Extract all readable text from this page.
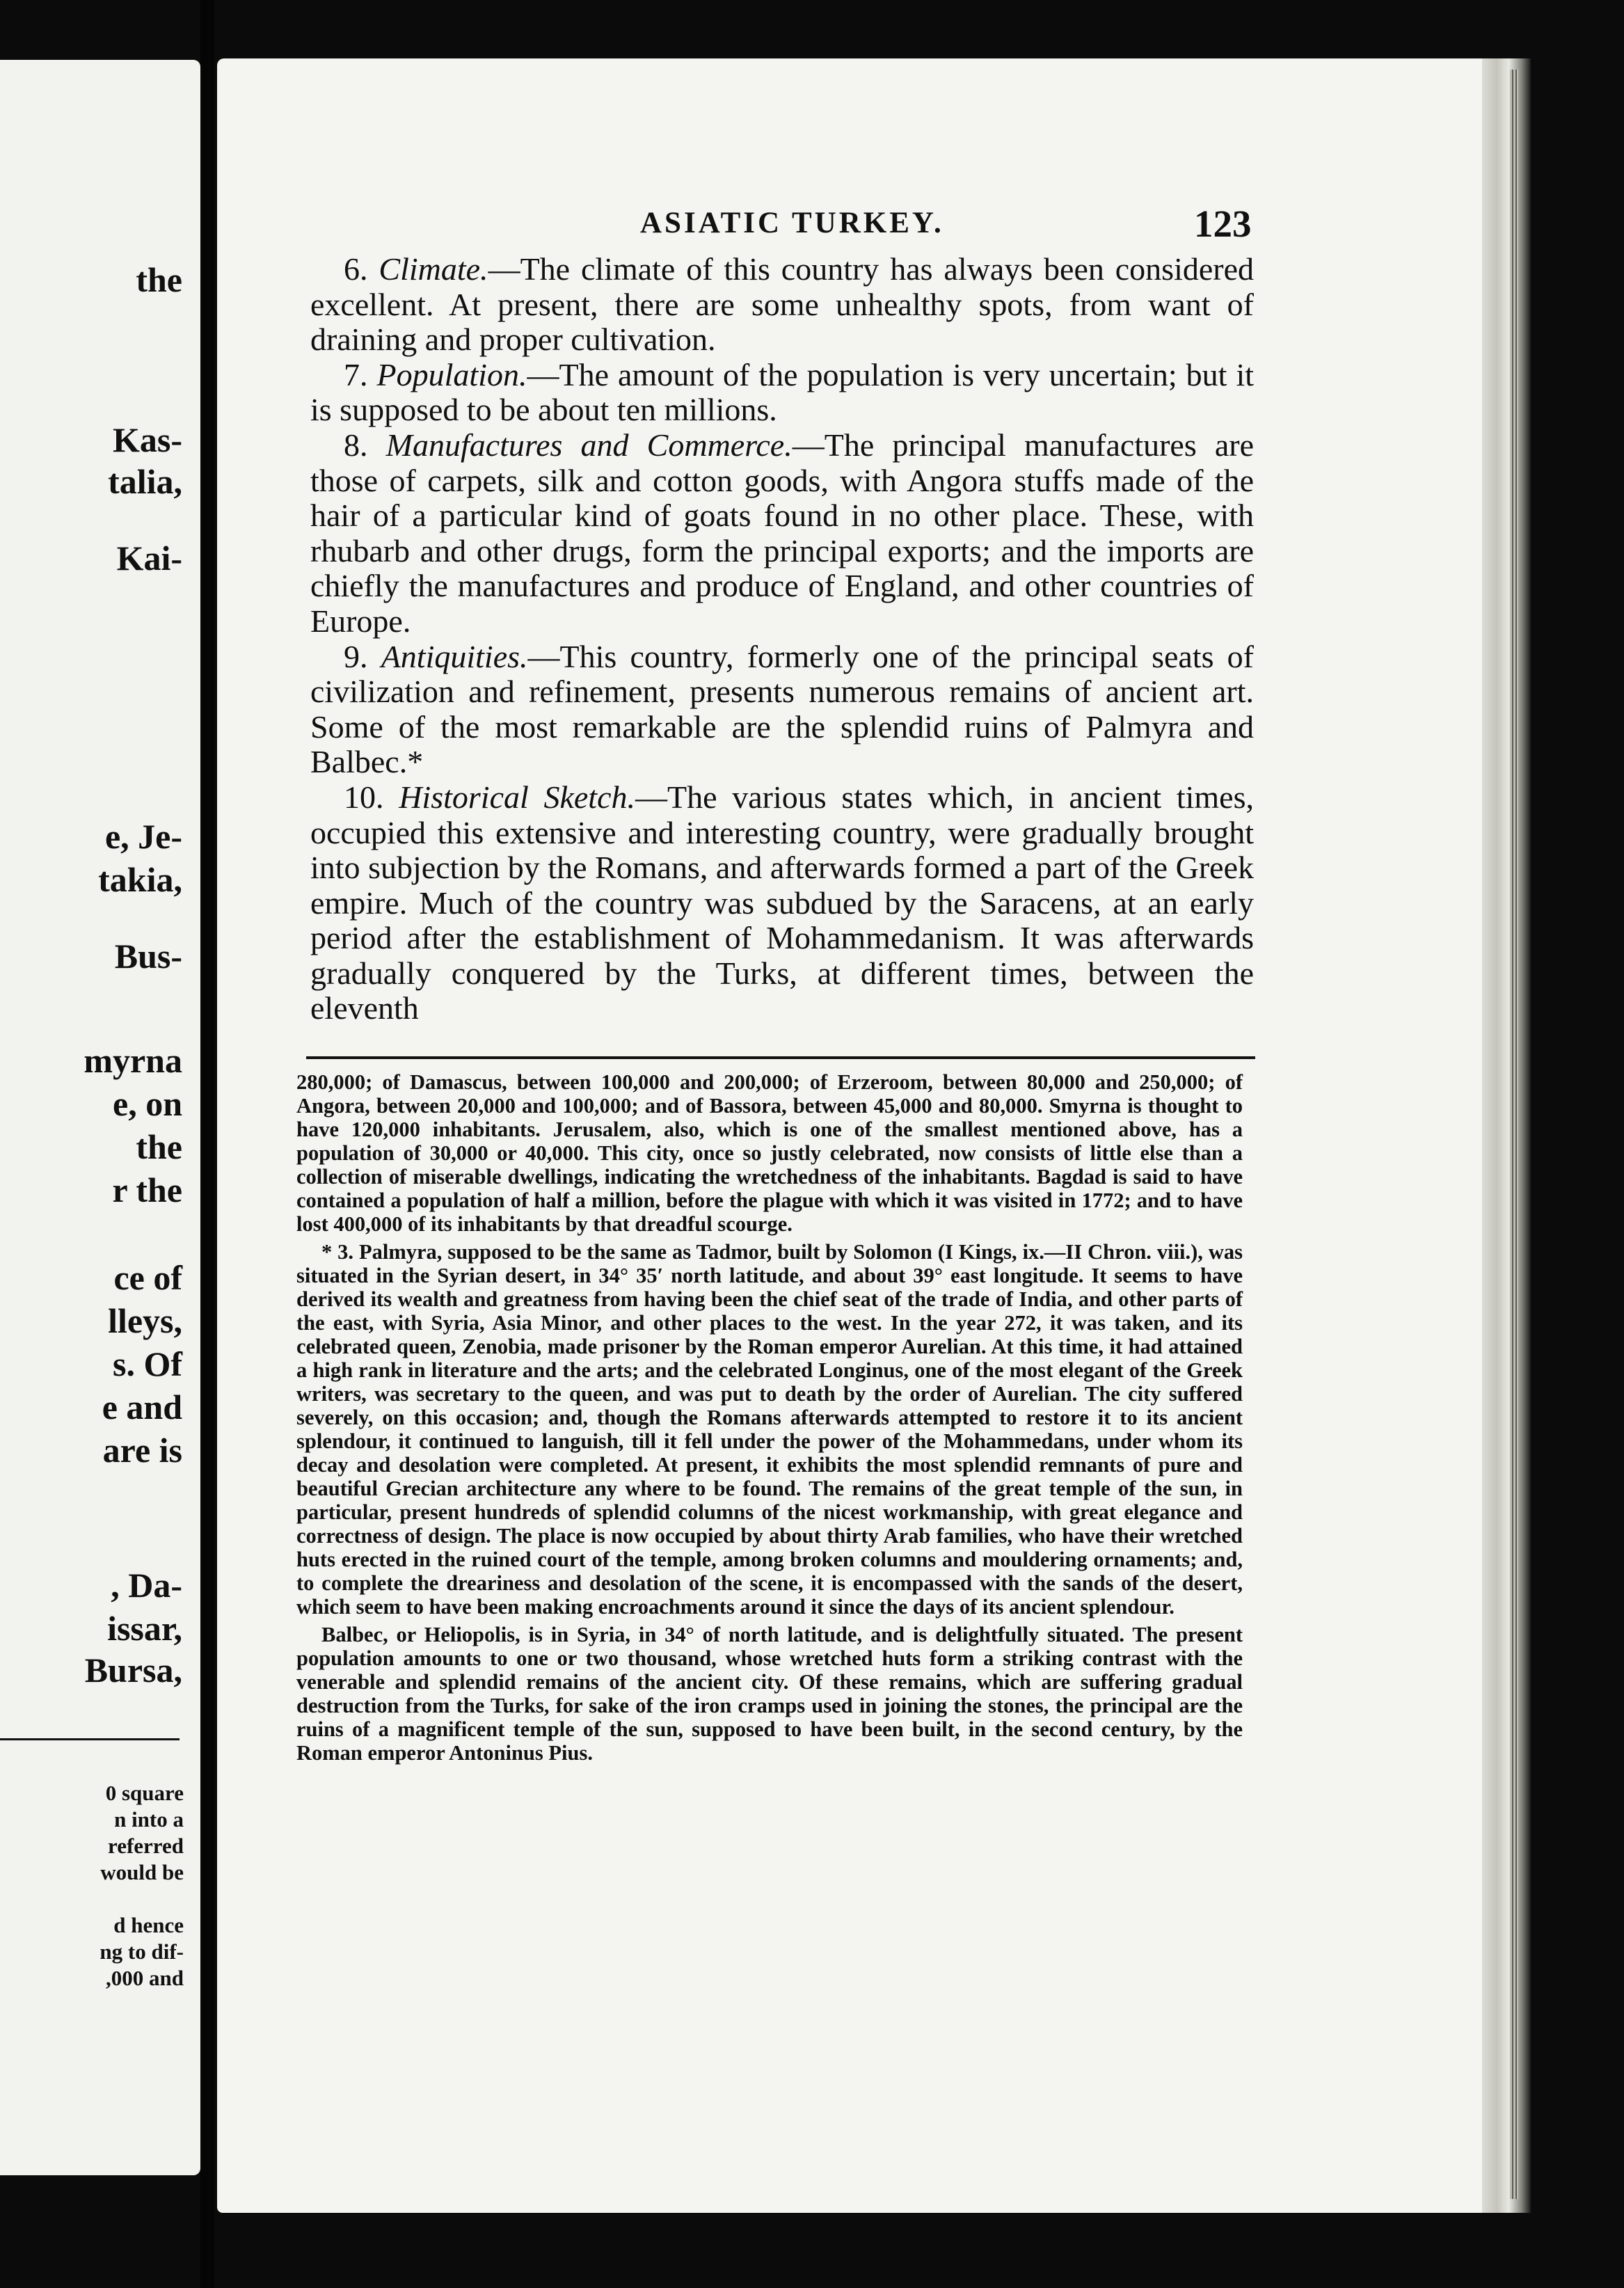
the
Kas-
talia,
Kai-
e, Je-
takia,
Bus-
myrna
e, on
the
r the
ce of
lleys,
s. Of
e and
are is
, Da-
issar,
Bursa,
0 square
n into a
referred
would be
d hence
ng to dif-
,000 and
ASIATIC TURKEY.	123

6. Climate.—The climate of this country has always been considered excellent. At present, there are some unhealthy spots, from want of draining and proper cultivation.

7. Population.—The amount of the population is very uncertain; but it is supposed to be about ten millions.

8. Manufactures and Commerce.—The principal manufactures are those of carpets, silk and cotton goods, with Angora stuffs made of the hair of a particular kind of goats found in no other place. These, with rhubarb and other drugs, form the principal exports; and the imports are chiefly the manufactures and produce of England, and other countries of Europe.

9. Antiquities.—This country, formerly one of the principal seats of civilization and refinement, presents numerous remains of ancient art. Some of the most remarkable are the splendid ruins of Palmyra and Balbec.*

10. Historical Sketch.—The various states which, in ancient times, occupied this extensive and interesting country, were gradually brought into subjection by the Romans, and afterwards formed a part of the Greek empire. Much of the country was subdued by the Saracens, at an early period after the establishment of Mohammedanism. It was afterwards gradually conquered by the Turks, at different times, between the eleventh

280,000; of Damascus, between 100,000 and 200,000; of Erzeroom, between 80,000 and 250,000; of Angora, between 20,000 and 100,000; and of Bassora, between 45,000 and 80,000. Smyrna is thought to have 120,000 inhabitants. Jerusalem, also, which is one of the smallest mentioned above, has a population of 30,000 or 40,000. This city, once so justly celebrated, now consists of little else than a collection of miserable dwellings, indicating the wretchedness of the inhabitants. Bagdad is said to have contained a population of half a million, before the plague with which it was visited in 1772; and to have lost 400,000 of its inhabitants by that dreadful scourge.

* 3. Palmyra, supposed to be the same as Tadmor, built by Solomon (I Kings, ix.—II Chron. viii.), was situated in the Syrian desert, in 34° 35′ north latitude, and about 39° east longitude. It seems to have derived its wealth and greatness from having been the chief seat of the trade of India, and other parts of the east, with Syria, Asia Minor, and other places to the west. In the year 272, it was taken, and its celebrated queen, Zenobia, made prisoner by the Roman emperor Aurelian. At this time, it had attained a high rank in literature and the arts; and the celebrated Longinus, one of the most elegant of the Greek writers, was secretary to the queen, and was put to death by the order of Aurelian. The city suffered severely, on this occasion; and, though the Romans afterwards attempted to restore it to its ancient splendour, it continued to languish, till it fell under the power of the Mohammedans, under whom its decay and desolation were completed. At present, it exhibits the most splendid remnants of pure and beautiful Grecian architecture any where to be found. The remains of the great temple of the sun, in particular, present hundreds of splendid columns of the nicest workmanship, with great elegance and correctness of design. The place is now occupied by about thirty Arab families, who have their wretched huts erected in the ruined court of the temple, among broken columns and mouldering ornaments; and, to complete the dreariness and desolation of the scene, it is encompassed with the sands of the desert, which seem to have been making encroachments around it since the days of its ancient splendour.

Balbec, or Heliopolis, is in Syria, in 34° of north latitude, and is delightfully situated. The present population amounts to one or two thousand, whose wretched huts form a striking contrast with the venerable and splendid remains of the ancient city. Of these remains, which are suffering gradual destruction from the Turks, for sake of the iron cramps used in joining the stones, the principal are the ruins of a magnificent temple of the sun, supposed to have been built, in the second century, by the Roman emperor Antoninus Pius.
